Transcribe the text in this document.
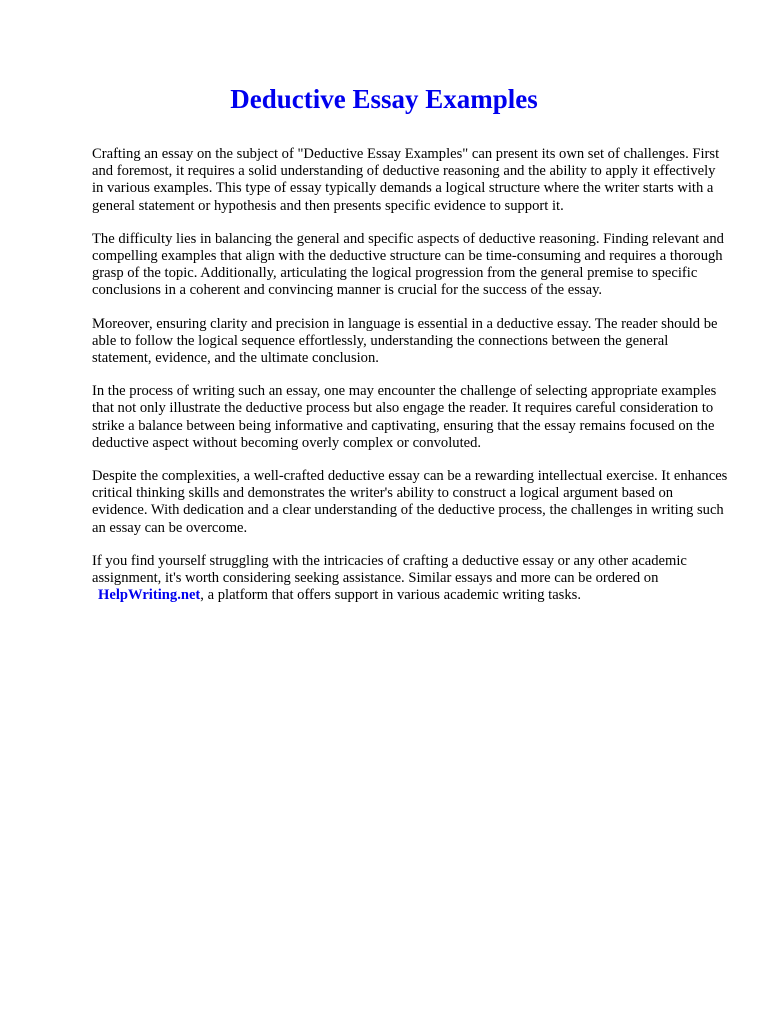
Deductive Essay Examples

Crafting an essay on the subject of "Deductive Essay Examples" can present its own set of challenges. First and foremost, it requires a solid understanding of deductive reasoning and the ability to apply it effectively in various examples. This type of essay typically demands a logical structure where the writer starts with a general statement or hypothesis and then presents specific evidence to support it.

The difficulty lies in balancing the general and specific aspects of deductive reasoning. Finding relevant and compelling examples that align with the deductive structure can be time-consuming and requires a thorough grasp of the topic. Additionally, articulating the logical progression from the general premise to specific conclusions in a coherent and convincing manner is crucial for the success of the essay.

Moreover, ensuring clarity and precision in language is essential in a deductive essay. The reader should be able to follow the logical sequence effortlessly, understanding the connections between the general statement, evidence, and the ultimate conclusion.

In the process of writing such an essay, one may encounter the challenge of selecting appropriate examples that not only illustrate the deductive process but also engage the reader. It requires careful consideration to strike a balance between being informative and captivating, ensuring that the essay remains focused on the deductive aspect without becoming overly complex or convoluted.

Despite the complexities, a well-crafted deductive essay can be a rewarding intellectual exercise. It enhances critical thinking skills and demonstrates the writer's ability to construct a logical argument based on evidence. With dedication and a clear understanding of the deductive process, the challenges in writing such an essay can be overcome.

If you find yourself struggling with the intricacies of crafting a deductive essay or any other academic assignment, it's worth considering seeking assistance. Similar essays and more can be ordered on HelpWriting.net, a platform that offers support in various academic writing tasks.
